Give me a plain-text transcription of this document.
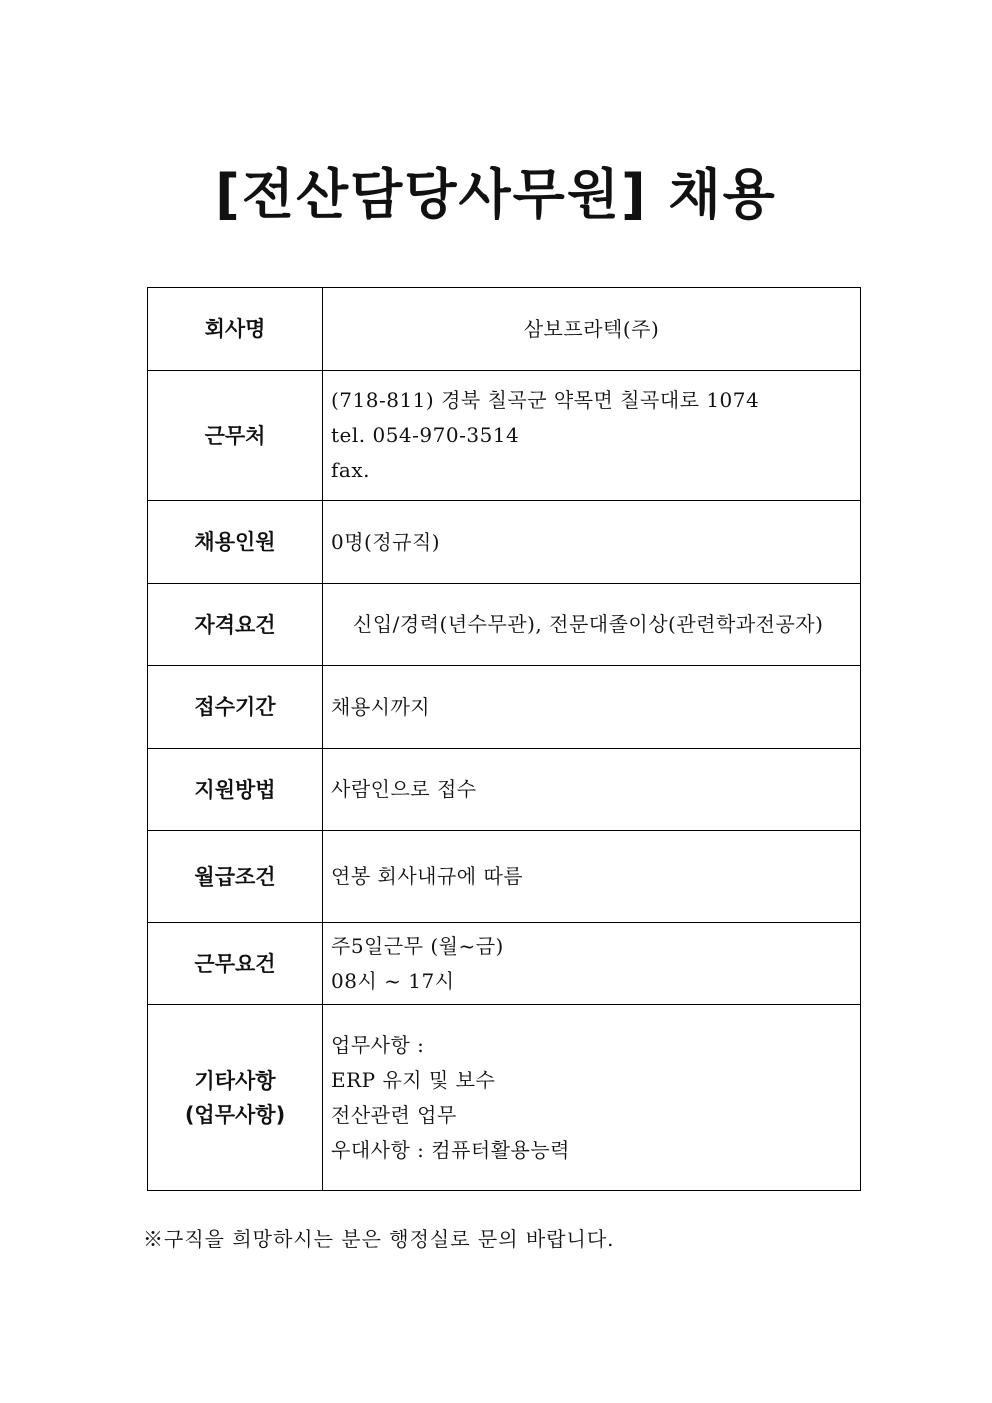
[전산담당사무원] 채용
회사명	삼보프라텍(주)

근무처	(718-811) 경북 칠곡군 약목면 칠곡대로 1074
tel. 054-970-3514
fax.

채용인원	0명(정규직)

자격요건	신입/경력(년수무관), 전문대졸이상(관련학과전공자)

접수기간	채용시까지

지원방법	사람인으로 접수

월급조건	연봉 회사내규에 따름

근무요건	주5일근무 (월~금)
08시 ~ 17시

기타사항
(업무사항)	업무사항 :
ERP 유지 및 보수
전산관련 업무
우대사항 : 컴퓨터활용능력
※구직을 희망하시는 분은 행정실로 문의 바랍니다.
